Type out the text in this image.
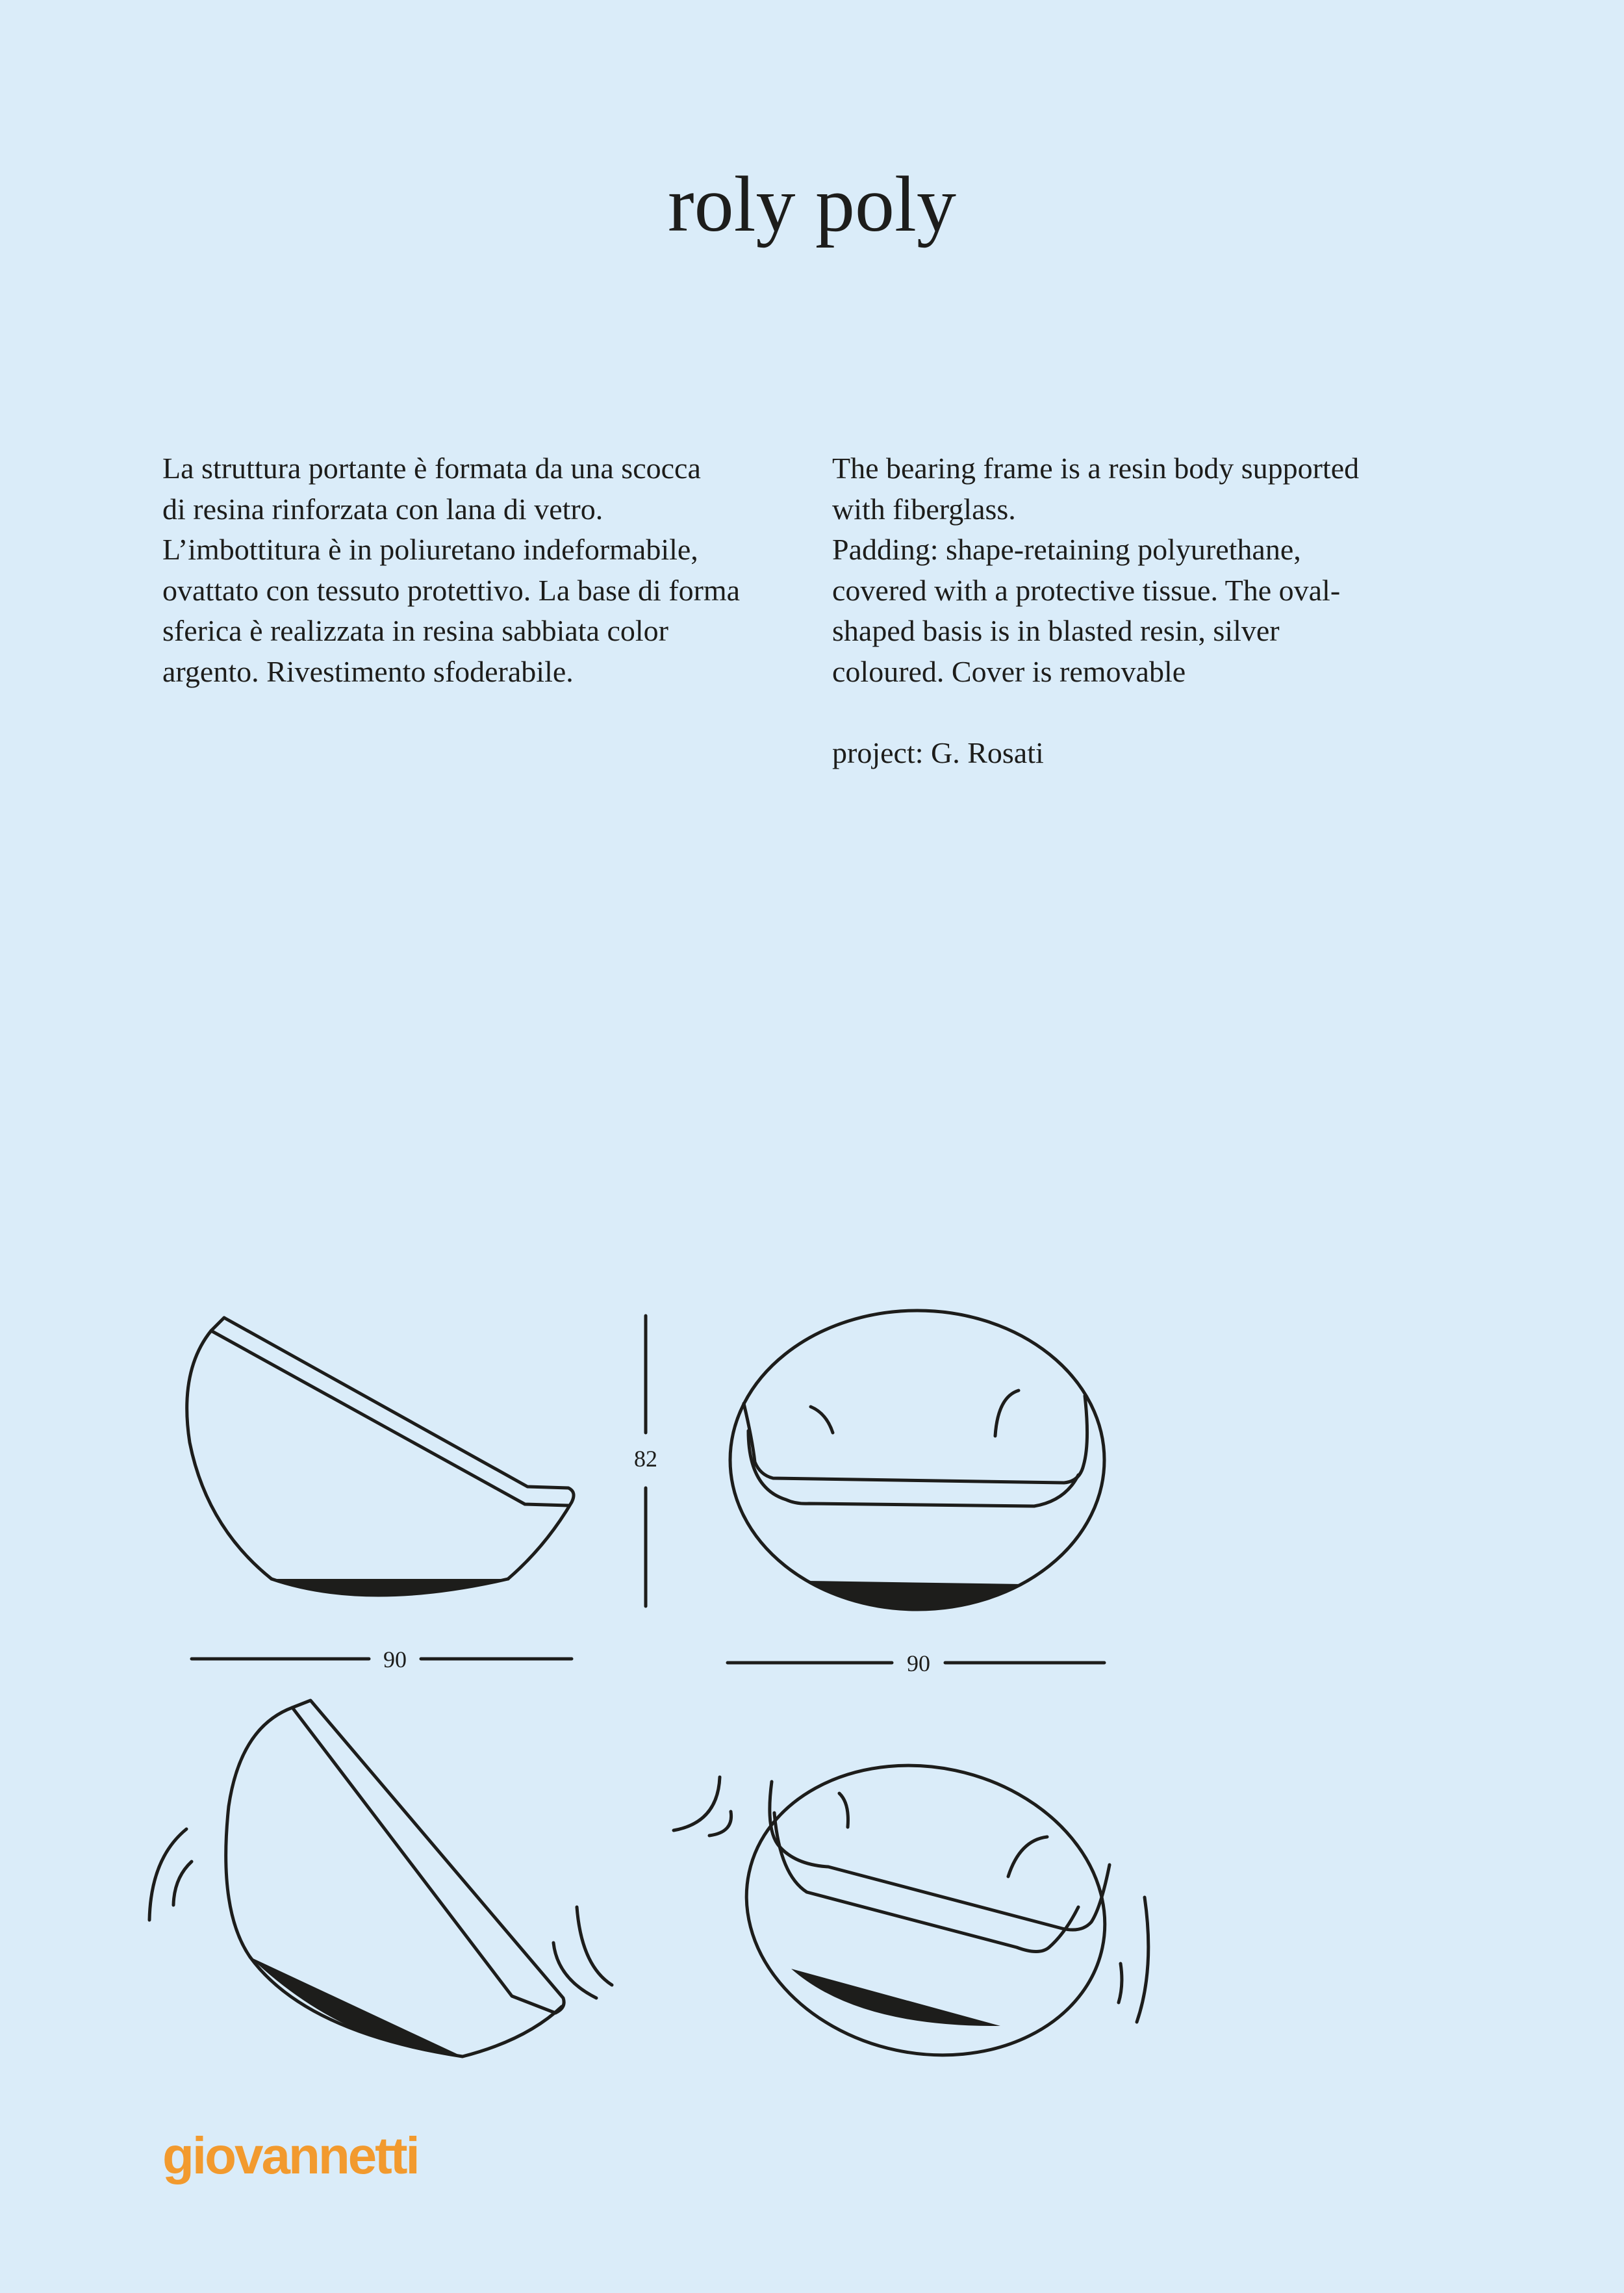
roly poly

La struttura portante è formata da una scocca

di resina rinforzata con lana di vetro.

L’imbottitura è in poliuretano indeformabile,

ovattato con tessuto protettivo. La base di forma

sferica è realizzata in resina sabbiata color

argento. Rivestimento sfoderabile.

The bearing frame is a resin body supported

with fiberglass.

Padding: shape-retaining polyurethane,

covered with a protective tissue. The oval-

shaped basis is in blasted resin, silver

coloured. Cover is removable

project: G. Rosati

82
90	90
giovannetti
